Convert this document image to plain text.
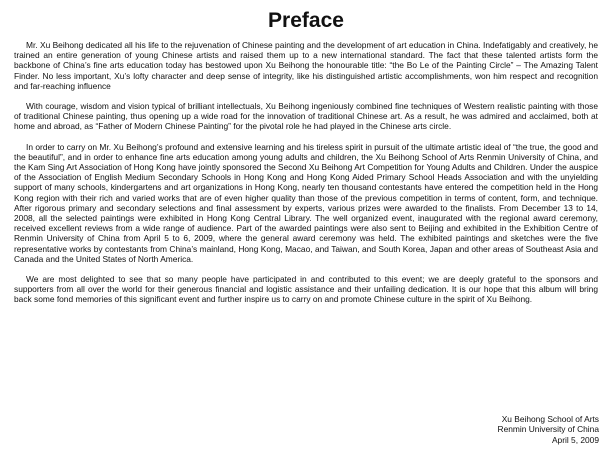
Preface

Mr. Xu Beihong dedicated all his life to the rejuvenation of Chinese painting and the development of art education in China. Indefatigably and creatively, he trained an entire generation of young Chinese artists and raised them up to a new international standard. The fact that these talented artists form the backbone of China’s fine arts education today has bestowed upon Xu Beihong the honourable title: “the Bo Le of the Painting Circle” – The Amazing Talent Finder. No less important, Xu’s lofty character and deep sense of integrity, like his distinguished artistic accomplishments, won him respect and recognition and far-reaching influence

With courage, wisdom and vision typical of brilliant intellectuals, Xu Beihong ingeniously combined fine techniques of Western realistic painting with those of traditional Chinese painting, thus opening up a wide road for the innovation of traditional Chinese art. As a result, he was admired and acclaimed, both at home and abroad, as “Father of Modern Chinese Painting” for the pivotal role he had played in the Chinese arts circle.

In order to carry on Mr. Xu Beihong’s profound and extensive learning and his tireless spirit in pursuit of the ultimate artistic ideal of “the true, the good and the beautiful”, and in order to enhance fine arts education among young adults and children, the Xu Beihong School of Arts Renmin University of China, and the Kam Sing Art Association of Hong Kong have jointly sponsored the Second Xu Beihong Art Competition for Young Adults and Children. Under the auspice of the Association of English Medium Secondary Schools in Hong Kong and Hong Kong Aided Primary School Heads Association and with the unyielding support of many schools, kindergartens and art organizations in Hong Kong, nearly ten thousand contestants have entered the competition held in the Hong Kong region with their rich and varied works that are of even higher quality than those of the previous competition in terms of content, form, and technique. After rigorous primary and secondary selections and final assessment by experts, various prizes were awarded to the finalists. From December 13 to 14, 2008, all the selected paintings were exhibited in Hong Kong Central Library. The well organized event, inaugurated with the regional award ceremony, received excellent reviews from a wide range of audience. Part of the awarded paintings were also sent to Beijing and exhibited in the Exhibition Centre of Renmin University of China from April 5 to 6, 2009, where the general award ceremony was held. The exhibited paintings and sketches were the five representative works by contestants from China’s mainland, Hong Kong, Macao, and Taiwan, and South Korea, Japan and other areas of Southeast Asia and Canada and the United States of North America.

We are most delighted to see that so many people have participated in and contributed to this event; we are deeply grateful to the sponsors and supporters from all over the world for their generous financial and logistic assistance and their unfailing dedication. It is our hope that this album will bring back some fond memories of this significant event and further inspire us to carry on and promote Chinese culture in the spirit of Xu Beihong.

Xu Beihong School of Arts
Renmin University of China
April 5, 2009
